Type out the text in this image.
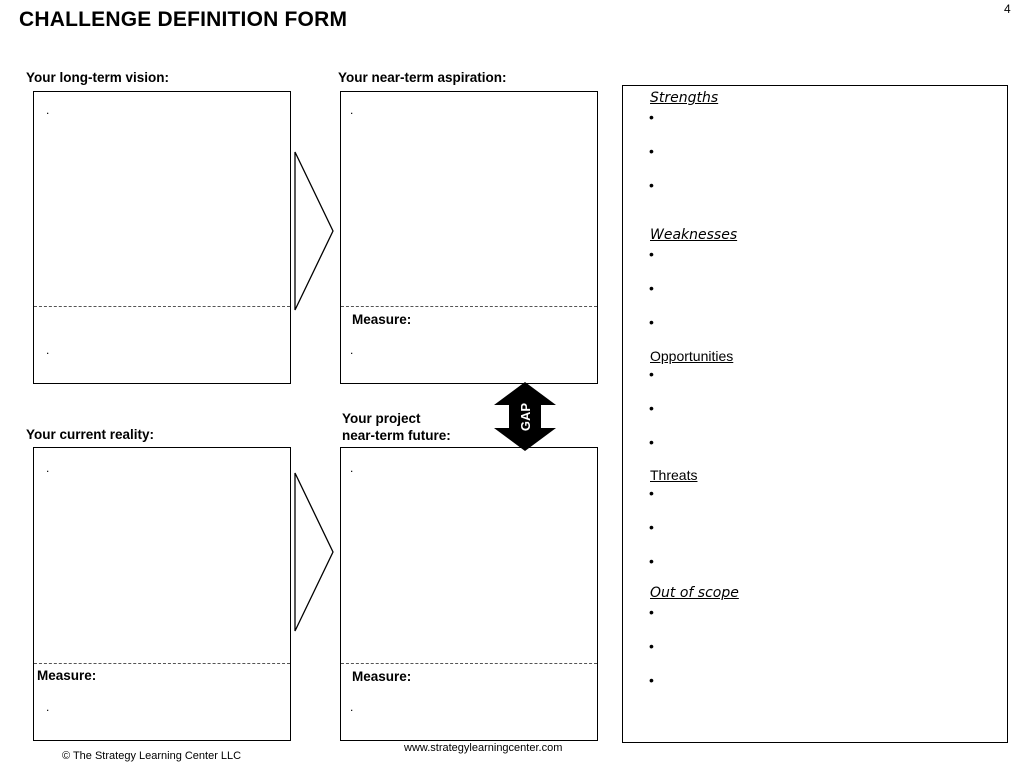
CHALLENGE DEFINITION FORM	4
Your long-term vision:	Your near-term aspiration:
Your current reality:
Your project
near-term future:
.
.
.
Measure:
.
.
Measure:
.
.
Measure:
.
GAP
Strengths
•
•
•
Weaknesses
•
•
•
Opportunities
•
•
•
Threats
•
•
•
Out of scope
•
•
•
© The Strategy Learning Center LLC
www.strategylearningcenter.com
